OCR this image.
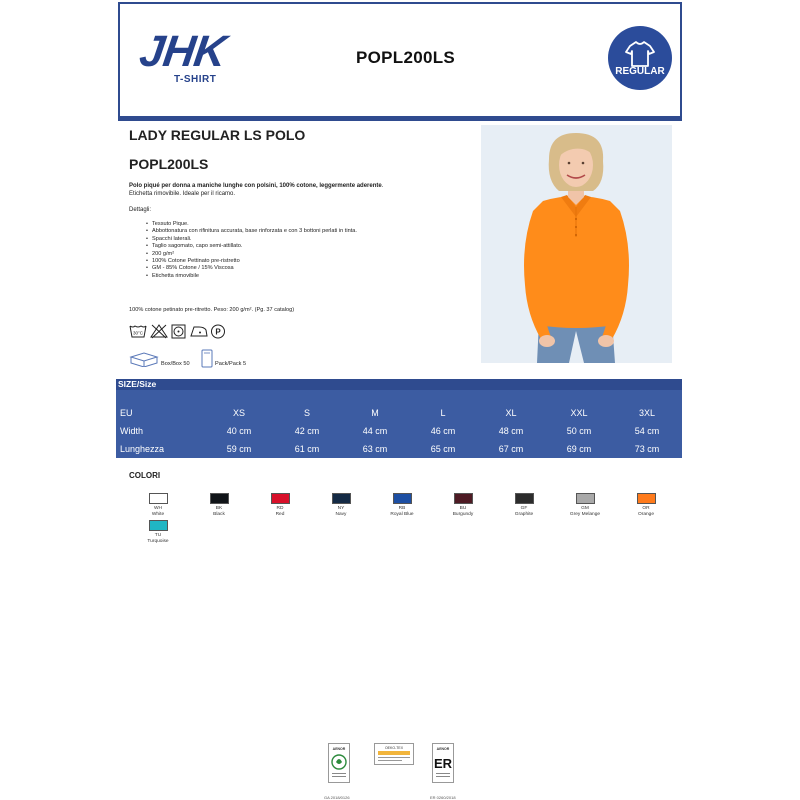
JHK
T-SHIRT
POPL200LS
REGULAR
LADY REGULAR LS POLO
POPL200LS
Polo piqué per donna a maniche lunghe con polsini, 100% cotone, leggermente aderente. Etichetta rimovibile. Ideale per il ricamo.
Dettagli:
• Tessuto Pique.
• Abbottonatura con rifinitura accurata, base rinforzata e con 3 bottoni perlati in tinta.
• Spacchi laterali.
• Taglio sagomato, capo semi-attillato.
• 200 g/m²
• 100% Cotone Pettinato pre-ristretto
• GM - 85% Cotone / 15% Viscosa
• Etichetta rimovibile
100% cotone petinato pre-ritretto. Peso: 200 g/m². (Pg. 37 catalog)
30°C	P
Box/Box 50	Pack/Pack 5
SIZE/Size
EU	XS	S	M	L	XL	XXL	3XL
Width	40 cm	42 cm	44 cm	46 cm	48 cm	50 cm	54 cm
Lunghezza	59 cm	61 cm	63 cm	65 cm	67 cm	69 cm	73 cm
COLORI
WH
White
BK
Black
RD
Red
NY
Navy
RB
Royal Blue
BU
Burgundy
GF
Graphite
GM
Grey Melange
OR
Orange
TU
Turquoise
AENOR
GA 2018/0126
OEKO-TEX	AENOR
ER
ER 0260/2018
